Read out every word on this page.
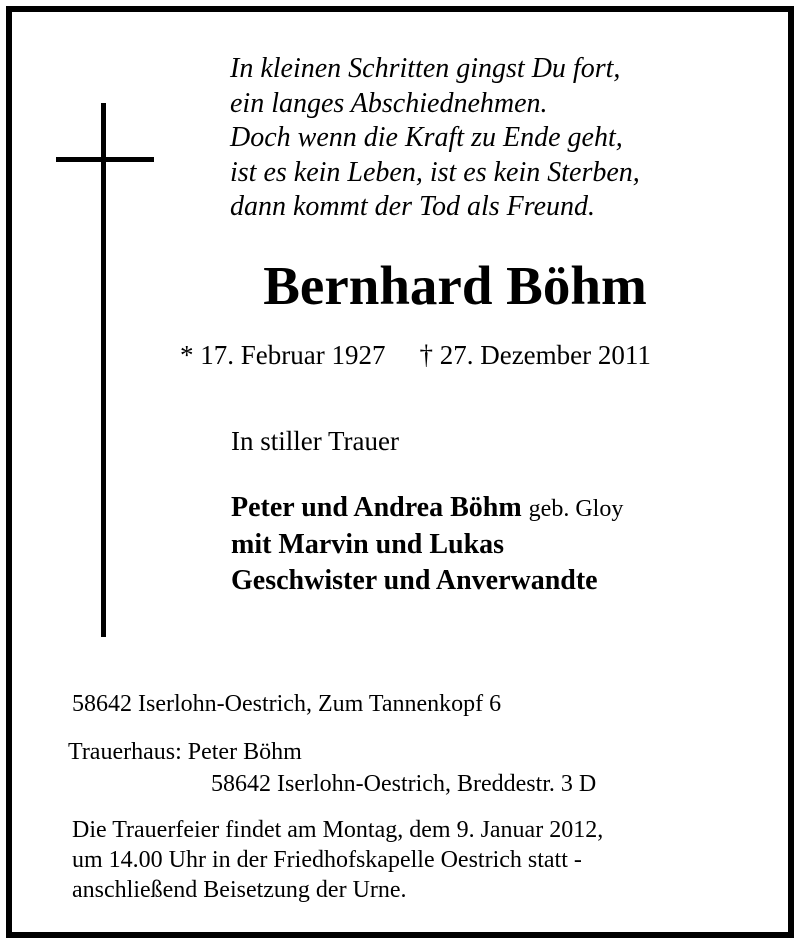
In kleinen Schritten gingst Du fort,
ein langes Abschiednehmen.
Doch wenn die Kraft zu Ende geht,
ist es kein Leben, ist es kein Sterben,
dann kommt der Tod als Freund.
Bernhard Böhm
* 17. Februar 1927 † 27. Dezember 2011
In stiller Trauer
Peter und Andrea Böhm geb. Gloy
mit Marvin und Lukas
Geschwister und Anverwandte
58642 Iserlohn-Oestrich, Zum Tannenkopf 6
Trauerhaus: Peter Böhm
58642 Iserlohn-Oestrich, Breddestr. 3 D
Die Trauerfeier findet am Montag, dem 9. Januar 2012,
um 14.00 Uhr in der Friedhofskapelle Oestrich statt -
anschließend Beisetzung der Urne.
